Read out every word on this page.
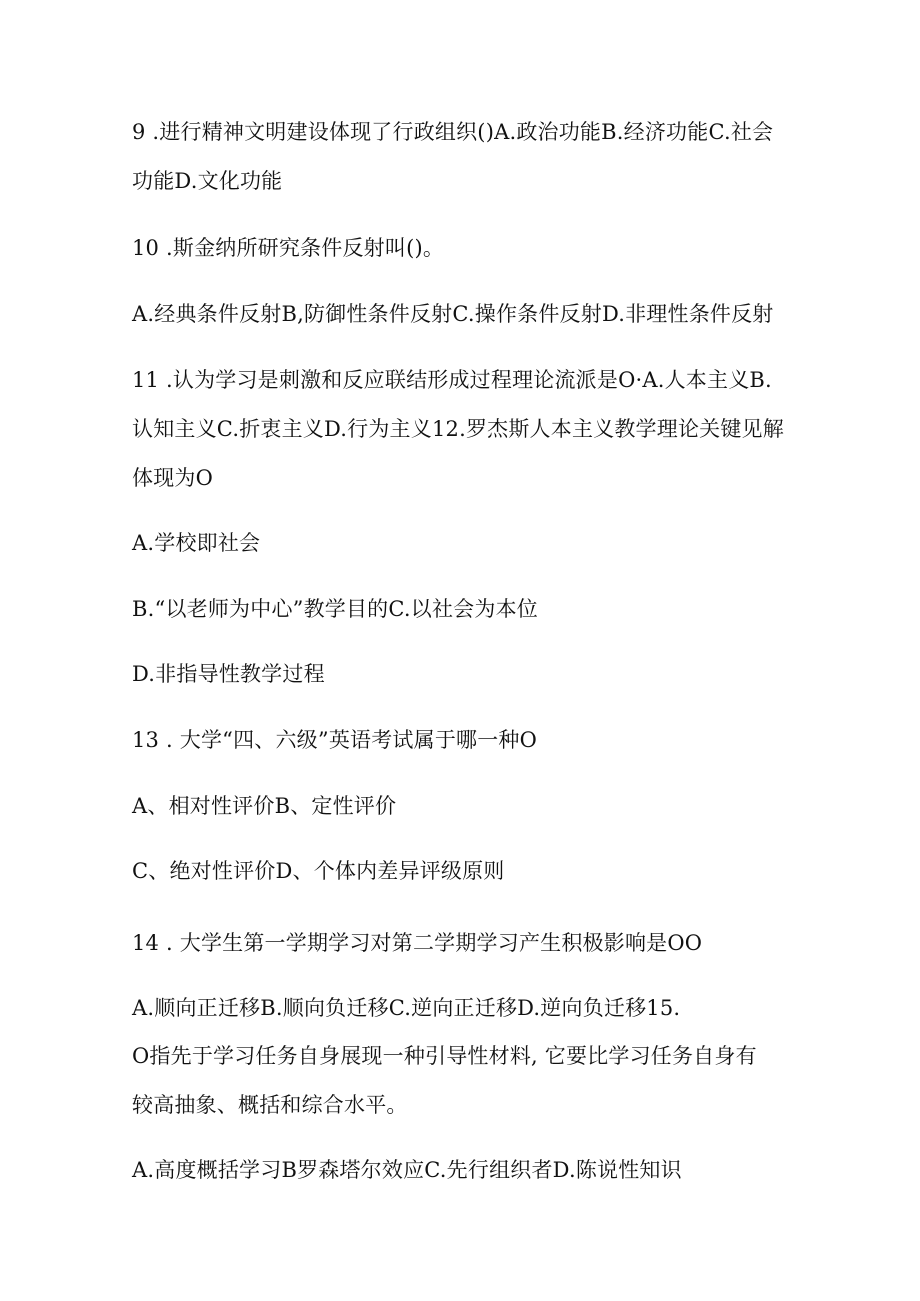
9 .进行精神文明建设体现了行政组织()A.政治功能B.经济功能C.社会

功能D.文化功能

10 .斯金纳所研究条件反射叫()。

A.经典条件反射B,防御性条件反射C.操作条件反射D.非理性条件反射

11 .认为学习是刺激和反应联结形成过程理论流派是O·A.人本主义B.

认知主义C.折衷主义D.行为主义12.罗杰斯人本主义教学理论关键见解

体现为O

A.学校即社会

B.“以老师为中心”教学目的C.以社会为本位

D.非指导性教学过程

13 . 大学“四、六级”英语考试属于哪一种O

A、相对性评价B、定性评价

C、绝对性评价D、个体内差异评级原则

14 . 大学生第一学期学习对第二学期学习产生积极影响是OO

A.顺向正迁移B.顺向负迁移C.逆向正迁移D.逆向负迁移15.

O指先于学习任务自身展现一种引导性材料, 它要比学习任务自身有

较高抽象、概括和综合水平。

A.高度概括学习B罗森塔尔效应C.先行组织者D.陈说性知识
